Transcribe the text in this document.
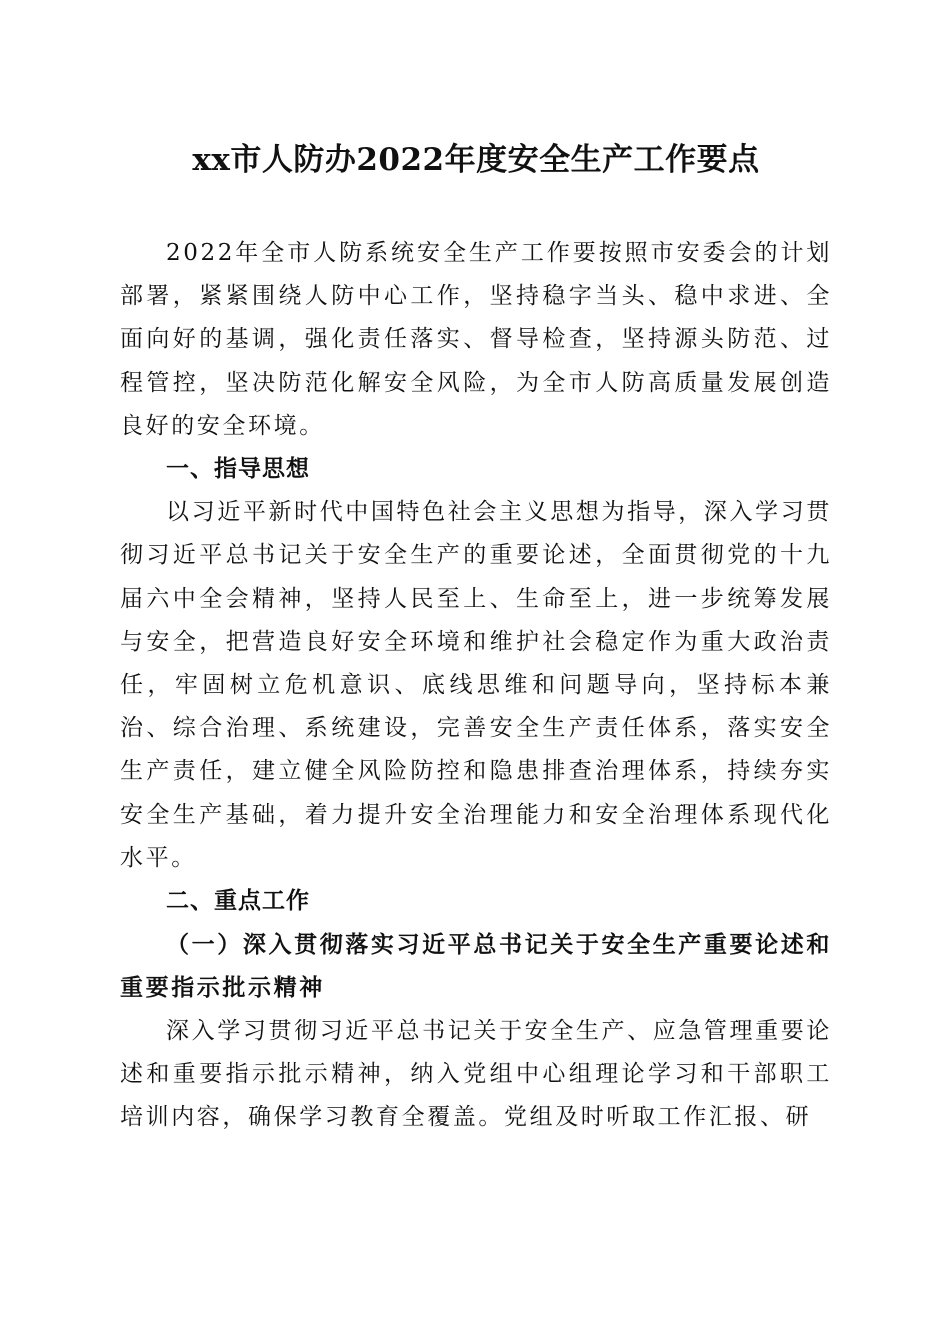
xx市人防办2022年度安全生产工作要点

2022年全市人防系统安全生产工作要按照市安委会的计划部署，紧紧围绕人防中心工作，坚持稳字当头、稳中求进、全面向好的基调，强化责任落实、督导检查，坚持源头防范、过程管控，坚决防范化解安全风险，为全市人防高质量发展创造良好的安全环境。

一、指导思想

以习近平新时代中国特色社会主义思想为指导，深入学习贯彻习近平总书记关于安全生产的重要论述，全面贯彻党的十九届六中全会精神，坚持人民至上、生命至上，进一步统筹发展与安全，把营造良好安全环境和维护社会稳定作为重大政治责任，牢固树立危机意识、底线思维和问题导向，坚持标本兼治、综合治理、系统建设，完善安全生产责任体系，落实安全生产责任，建立健全风险防控和隐患排查治理体系，持续夯实安全生产基础，着力提升安全治理能力和安全治理体系现代化水平。

二、重点工作
（一）深入贯彻落实习近平总书记关于安全生产重要论述和重要指示批示精神

深入学习贯彻习近平总书记关于安全生产、应急管理重要论述和重要指示批示精神，纳入党组中心组理论学习和干部职工培训内容，确保学习教育全覆盖。党组及时听取工作汇报、研
